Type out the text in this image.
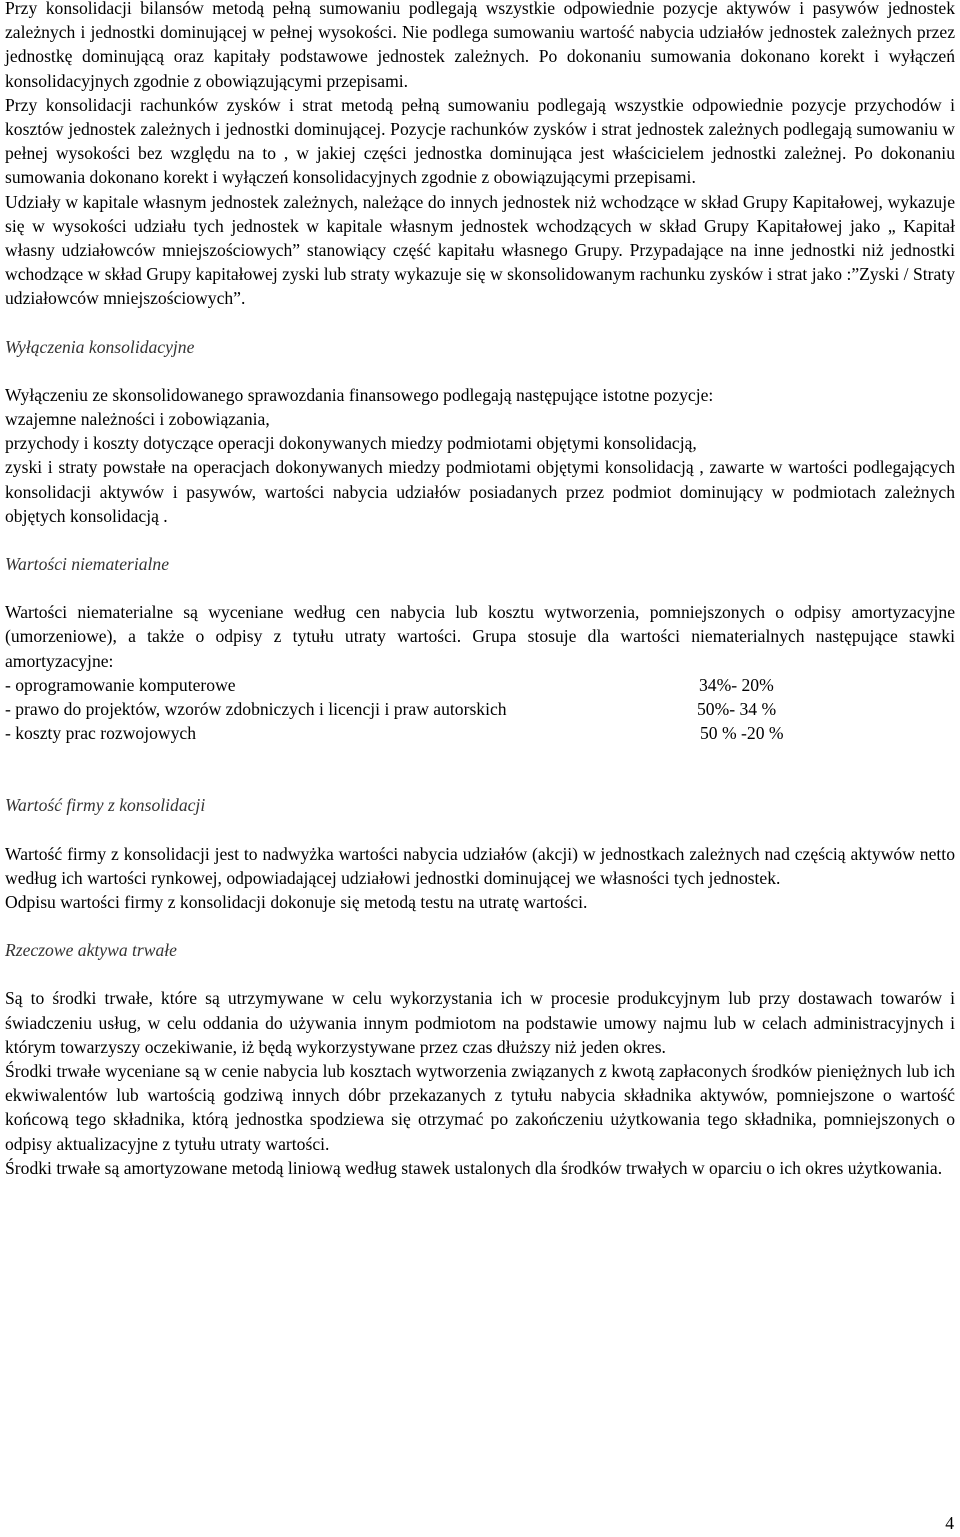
Przy konsolidacji bilansów metodą pełną sumowaniu podlegają wszystkie odpowiednie pozycje aktywów i pasywów jednostek zależnych i jednostki dominującej w pełnej wysokości. Nie podlega sumowaniu wartość nabycia udziałów jednostek zależnych przez jednostkę dominującą oraz kapitały podstawowe jednostek zależnych. Po dokonaniu sumowania dokonano korekt i wyłączeń konsolidacyjnych zgodnie z obowiązującymi przepisami.

Przy konsolidacji rachunków zysków i strat metodą pełną sumowaniu podlegają wszystkie odpowiednie pozycje przychodów i kosztów jednostek zależnych i jednostki dominującej. Pozycje rachunków zysków i strat jednostek zależnych podlegają sumowaniu w pełnej wysokości bez względu na to , w jakiej części jednostka dominująca jest właścicielem jednostki zależnej. Po dokonaniu sumowania dokonano korekt i wyłączeń konsolidacyjnych zgodnie z obowiązującymi przepisami.

Udziały w kapitale własnym jednostek zależnych, należące do innych jednostek niż wchodzące w skład Grupy Kapitałowej, wykazuje się w wysokości udziału tych jednostek w kapitale własnym jednostek wchodzących w skład Grupy Kapitałowej jako „ Kapitał własny udziałowców mniejszościowych” stanowiący część kapitału własnego Grupy. Przypadające na inne jednostki niż jednostki wchodzące w skład Grupy kapitałowej zyski lub straty wykazuje się w skonsolidowanym rachunku zysków i strat jako :”Zyski / Straty udziałowców mniejszościowych”.

Wyłączenia konsolidacyjne

Wyłączeniu ze skonsolidowanego sprawozdania finansowego podlegają następujące istotne pozycje:

wzajemne należności i zobowiązania,

przychody i koszty dotyczące operacji dokonywanych miedzy podmiotami objętymi konsolidacją,

zyski i straty powstałe na operacjach dokonywanych miedzy podmiotami objętymi konsolidacją , zawarte w wartości podlegających konsolidacji aktywów i pasywów, wartości nabycia udziałów posiadanych przez podmiot dominujący w podmiotach zależnych objętych konsolidacją .

Wartości niematerialne

Wartości niematerialne są wyceniane według cen nabycia lub kosztu wytworzenia, pomniejszonych o odpisy amortyzacyjne (umorzeniowe), a także o odpisy z tytułu utraty wartości. Grupa stosuje dla wartości niematerialnych następujące stawki amortyzacyjne:

- oprogramowanie komputerowe	34%- 20%
- prawo do projektów, wzorów zdobniczych i licencji i praw autorskich	50%- 34 %
- koszty prac rozwojowych	50 % -20 %

Wartość firmy z konsolidacji

Wartość firmy z konsolidacji jest to nadwyżka wartości nabycia udziałów (akcji) w jednostkach zależnych nad częścią aktywów netto według ich wartości rynkowej, odpowiadającej udziałowi jednostki dominującej we własności tych jednostek.

Odpisu wartości firmy z konsolidacji dokonuje się metodą testu na utratę wartości.

Rzeczowe aktywa trwałe

Są to środki trwałe, które są utrzymywane w celu wykorzystania ich w procesie produkcyjnym lub przy dostawach towarów i świadczeniu usług, w celu oddania do używania innym podmiotom na podstawie umowy najmu lub w celach administracyjnych i którym towarzyszy oczekiwanie, iż będą wykorzystywane przez czas dłuższy niż jeden okres.

Środki trwałe wyceniane są w cenie nabycia lub kosztach wytworzenia związanych z kwotą zapłaconych środków pieniężnych lub ich ekwiwalentów lub wartością godziwą innych dóbr przekazanych z tytułu nabycia składnika aktywów, pomniejszone o wartość końcową tego składnika, którą jednostka spodziewa się otrzymać po zakończeniu użytkowania tego składnika, pomniejszonych o odpisy aktualizacyjne z tytułu utraty wartości.

Środki trwałe są amortyzowane metodą liniową według stawek ustalonych dla środków trwałych w oparciu o ich okres użytkowania.

4
